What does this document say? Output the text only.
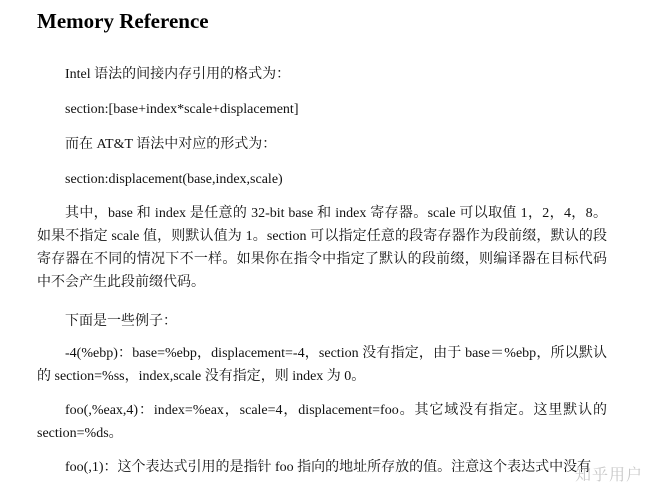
Memory Reference

Intel 语法的间接内存引用的格式为：

section:[base+index*scale+displacement]

而在 AT&T 语法中对应的形式为：

section:displacement(base,index,scale)

其中，base 和 index 是任意的 32-bit base 和 index 寄存器。scale 可以取值 1，2，4，8。如果不指定 scale 值，则默认值为 1。section 可以指定任意的段寄存器作为段前缀，默认的段寄存器在不同的情况下不一样。如果你在指令中指定了默认的段前缀，则编译器在目标代码中不会产生此段前缀代码。

下面是一些例子：

-4(%ebp)：base=%ebp，displacement=-4，section 没有指定，由于 base＝%ebp，所以默认的 section=%ss，index,scale 没有指定，则 index 为 0。

foo(,%eax,4)：index=%eax，scale=4，displacement=foo。其它域没有指定。这里默认的 section=%ds。

foo(,1)：这个表达式引用的是指针 foo 指向的地址所存放的值。注意这个表达式中没有

知乎用户
